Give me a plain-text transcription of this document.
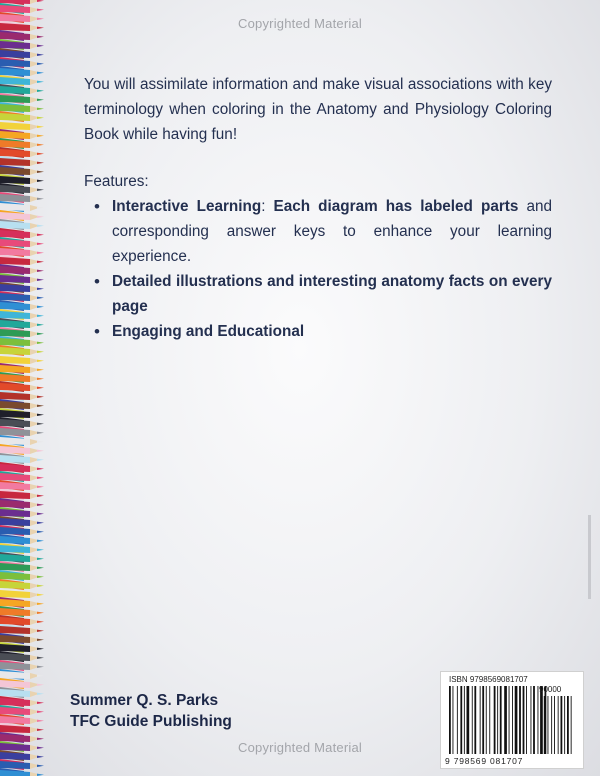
Copyrighted Material

You will assimilate information and make visual associations with key terminology when coloring in the Anatomy and Physiology Coloring Book while having fun!

Features:

• Interactive Learning: Each diagram has labeled parts and corresponding answer keys to enhance your learning experience.
• Detailed illustrations and interesting anatomy facts on every page
• Engaging and Educational
Summer Q. S. Parks
TFC Guide Publishing
ISBN 9798569081707
90000
9 798569 081707
Copyrighted Material
